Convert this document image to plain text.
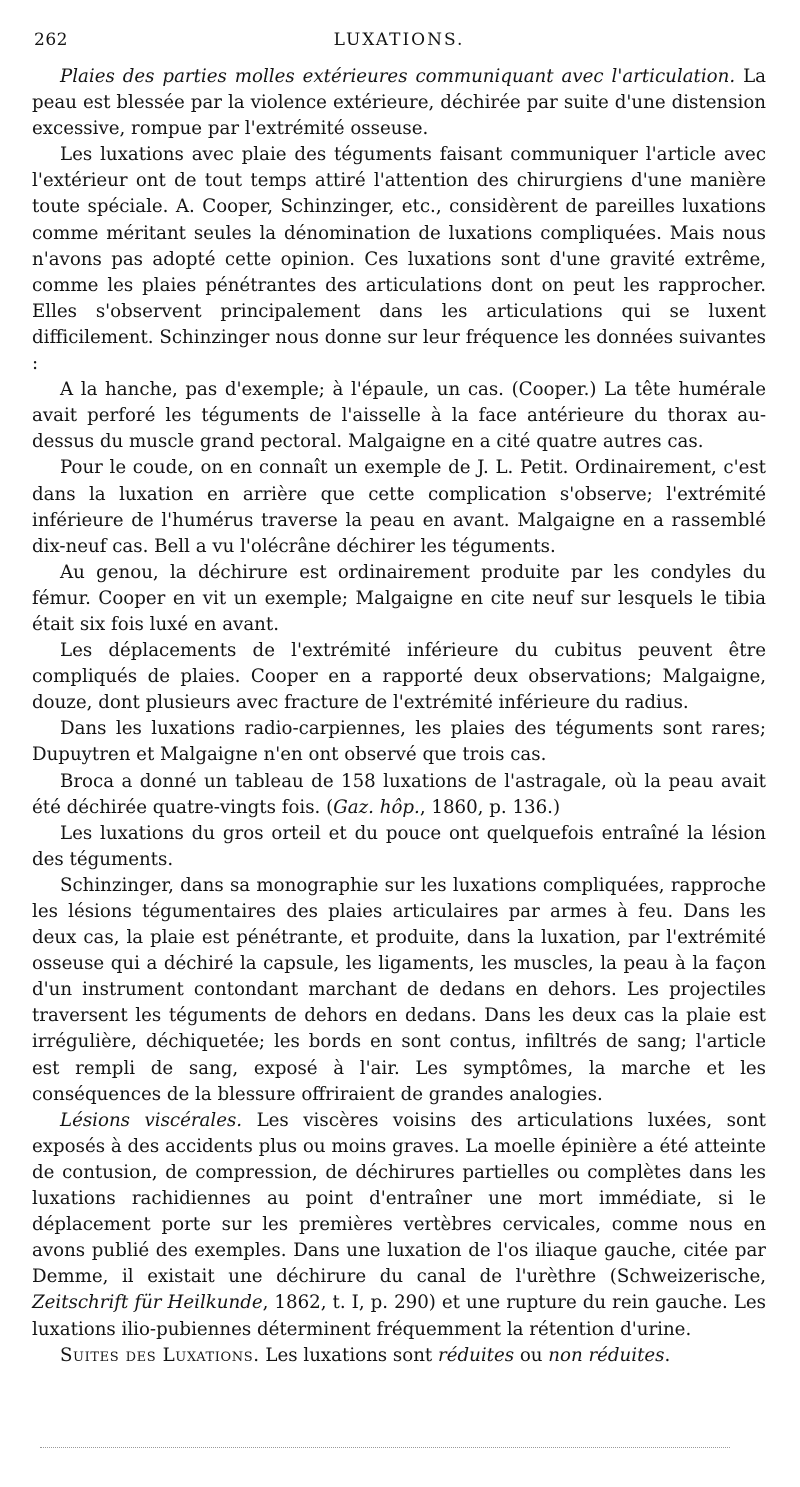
262	LUXATIONS.

Plaies des parties molles extérieures communiquant avec l'articulation. La peau est blessée par la violence extérieure, déchirée par suite d'une distension excessive, rompue par l'extrémité osseuse.

Les luxations avec plaie des téguments faisant communiquer l'article avec l'extérieur ont de tout temps attiré l'attention des chirurgiens d'une manière toute spéciale. A. Cooper, Schinzinger, etc., considèrent de pareilles luxations comme méritant seules la dénomination de luxations compliquées. Mais nous n'avons pas adopté cette opinion. Ces luxations sont d'une gravité extrême, comme les plaies pénétrantes des articulations dont on peut les rapprocher. Elles s'observent principalement dans les articulations qui se luxent difficilement. Schinzinger nous donne sur leur fréquence les données suivantes :

A la hanche, pas d'exemple; à l'épaule, un cas. (Cooper.) La tête humérale avait perforé les téguments de l'aisselle à la face antérieure du thorax au-dessus du muscle grand pectoral. Malgaigne en a cité quatre autres cas.

Pour le coude, on en connaît un exemple de J. L. Petit. Ordinairement, c'est dans la luxation en arrière que cette complication s'observe; l'extrémité inférieure de l'humérus traverse la peau en avant. Malgaigne en a rassemblé dix-neuf cas. Bell a vu l'olécrâne déchirer les téguments.

Au genou, la déchirure est ordinairement produite par les condyles du fémur. Cooper en vit un exemple; Malgaigne en cite neuf sur lesquels le tibia était six fois luxé en avant.

Les déplacements de l'extrémité inférieure du cubitus peuvent être compliqués de plaies. Cooper en a rapporté deux observations; Malgaigne, douze, dont plusieurs avec fracture de l'extrémité inférieure du radius.

Dans les luxations radio-carpiennes, les plaies des téguments sont rares; Dupuytren et Malgaigne n'en ont observé que trois cas.

Broca a donné un tableau de 158 luxations de l'astragale, où la peau avait été déchirée quatre-vingts fois. (Gaz. hôp., 1860, p. 136.)

Les luxations du gros orteil et du pouce ont quelquefois entraîné la lésion des téguments.

Schinzinger, dans sa monographie sur les luxations compliquées, rapproche les lésions tégumentaires des plaies articulaires par armes à feu. Dans les deux cas, la plaie est pénétrante, et produite, dans la luxation, par l'extrémité osseuse qui a déchiré la capsule, les ligaments, les muscles, la peau à la façon d'un instrument contondant marchant de dedans en dehors. Les projectiles traversent les téguments de dehors en dedans. Dans les deux cas la plaie est irrégulière, déchiquetée; les bords en sont contus, infiltrés de sang; l'article est rempli de sang, exposé à l'air. Les symptômes, la marche et les conséquences de la blessure offriraient de grandes analogies.

Lésions viscérales. Les viscères voisins des articulations luxées, sont exposés à des accidents plus ou moins graves. La moelle épinière a été atteinte de contusion, de compression, de déchirures partielles ou complètes dans les luxations rachidiennes au point d'entraîner une mort immédiate, si le déplacement porte sur les premières vertèbres cervicales, comme nous en avons publié des exemples. Dans une luxation de l'os iliaque gauche, citée par Demme, il existait une déchirure du canal de l'urèthre (Schweizerische, Zeitschrift für Heilkunde, 1862, t. I, p. 290) et une rupture du rein gauche. Les luxations ilio-pubiennes déterminent fréquemment la rétention d'urine.

Suites des Luxations. Les luxations sont réduites ou non réduites.
